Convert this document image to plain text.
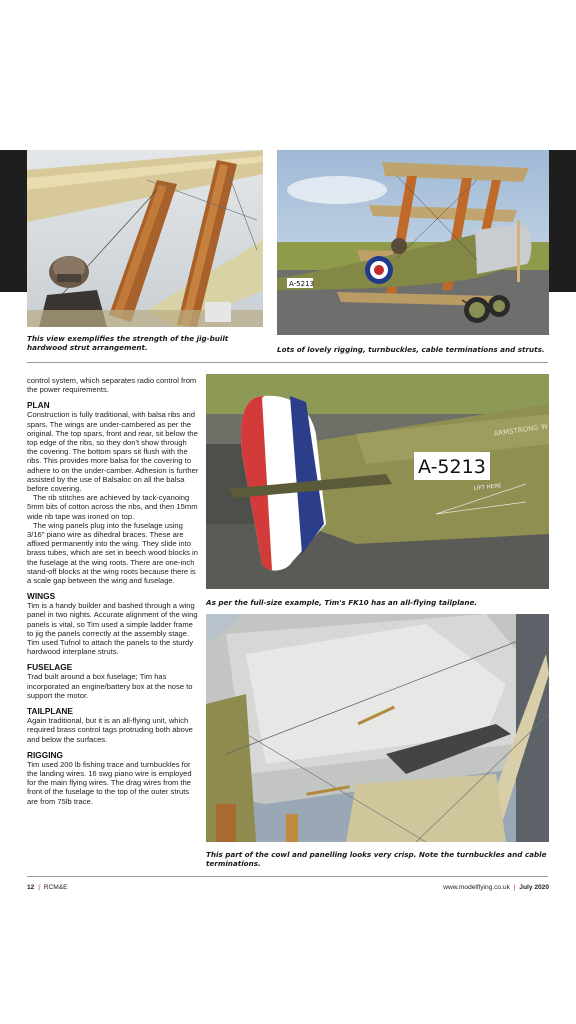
A-5213
This view exemplifies the strength of the jig-built hardwood strut arrangement.	Lots of lovely rigging, turnbuckles, cable terminations and struts.

control system, which separates radio control from the power requirements.

PLAN

Construction is fully traditional, with balsa ribs and spars. The wings are under-cambered as per the original. The top spars, front and rear, sit below the top edge of the ribs, so they don't show through the covering. The bottom spars sit flush with the ribs. This provides more balsa for the covering to adhere to on the under-camber. Adhesion is further assisted by the use of Balsaloc on all the balsa before covering.

The rib stitches are achieved by tack-cyanoing 5mm bits of cotton across the ribs, and then 15mm wide rib tape was ironed on top.

The wing panels plug into the fuselage using 3/16" piano wire as dihedral braces. These are affixed permanently into the wing. They slide into brass tubes, which are set in beech wood blocks in the fuselage at the wing roots. There are one-inch stand-off blocks at the wing roots because there is a scale gap between the wing and fuselage.

WINGS

Tim is a handy builder and bashed through a wing panel in two nights. Accurate alignment of the wing panels is vital, so Tim used a simple ladder frame to jig the panels correctly at the assembly stage. Tim used Tufnol to attach the panels to the sturdy hardwood interplane struts.

FUSELAGE

Trad built around a box fuselage; Tim has incorporated an engine/battery box at the nose to support the motor.

TAILPLANE

Again traditional, but it is an all-flying unit, which required brass control tags protruding both above and below the surfaces.

RIGGING

Tim used 200 lb fishing trace and turnbuckles for the landing wires. 16 swg piano wire is employed for the main flying wires. The drag wires from the front of the fuselage to the top of the outer struts are from 75lb trace.

A-5213
ARMSTRONG W
LIFT HERE
As per the full-size example, Tim's FK10 has an all-flying tailplane.
This part of the cowl and panelling looks very crisp. Note the turnbuckles and cable terminations.
12 | RCM&E	www.modelflying.co.uk | July 2020
